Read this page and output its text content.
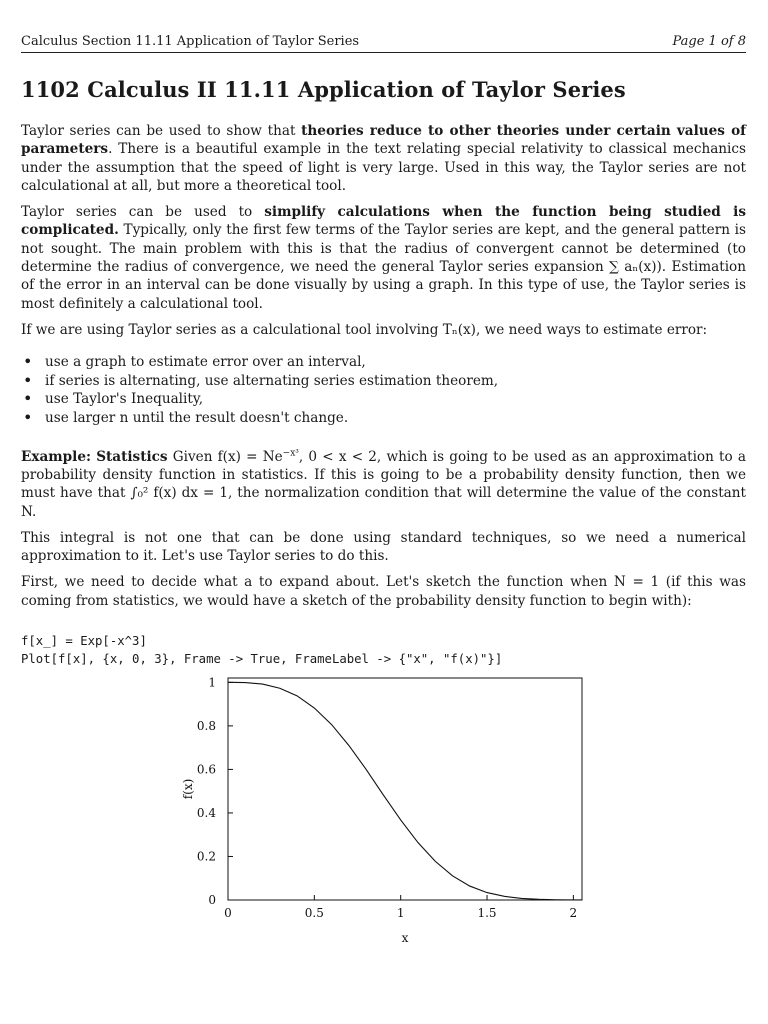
Calculus Section 11.11 Application of Taylor Series	Page 1 of 8
1102 Calculus II 11.11 Application of Taylor Series

Taylor series can be used to show that theories reduce to other theories under certain values of parameters. There is a beautiful example in the text relating special relativity to classical mechanics under the assumption that the speed of light is very large. Used in this way, the Taylor series are not calculational at all, but more a theoretical tool.

Taylor series can be used to simplify calculations when the function being studied is complicated. Typically, only the first few terms of the Taylor series are kept, and the general pattern is not sought. The main problem with this is that the radius of convergent cannot be determined (to determine the radius of convergence, we need the general Taylor series expansion ∑ aₙ(x)). Estimation of the error in an interval can be done visually by using a graph. In this type of use, the Taylor series is most definitely a calculational tool.

If we are using Taylor series as a calculational tool involving Tₙ(x), we need ways to estimate error:

• use a graph to estimate error over an interval,
• if series is alternating, use alternating series estimation theorem,
• use Taylor's Inequality,
• use larger n until the result doesn't change.

Example: Statistics Given $f(x) = Ne^{-x^3}$, 0 < x < 2, which is going to be used as an approximation to a probability density function in statistics. If this is going to be a probability density function, then we must have that ∫₀² f(x) dx = 1, the normalization condition that will determine the value of the constant N.

This integral is not one that can be done using standard techniques, so we need a numerical approximation to it. Let's use Taylor series to do this.

First, we need to decide what a to expand about. Let's sketch the function when N = 1 (if this was coming from statistics, we would have a sketch of the probability density function to begin with):

f[x_] = Exp[-x^3]
Plot[f[x], {x, 0, 3}, Frame -> True, FrameLabel -> {"x", "f(x)"}]
0	0.5	1	1.5	2
0
0.2
0.4
0.6
0.8
1
x
f(x)
